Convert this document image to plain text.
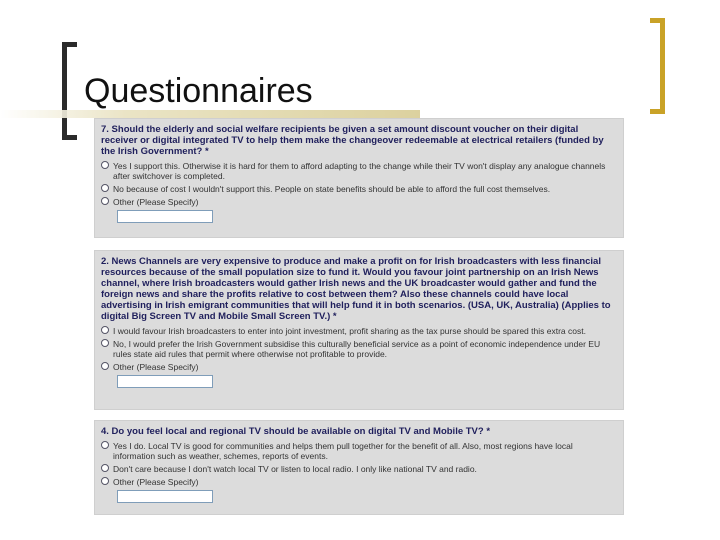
Questionnaires

7. Should the elderly and social welfare recipients be given a set amount discount voucher on their digital receiver or digital integrated TV to help them make the changeover redeemable at electrical retailers (funded by the Irish Government? *

Yes I support this. Otherwise it is hard for them to afford adapting to the change while their TV won't display any analogue channels after switchover is completed.
No because of cost I wouldn't support this. People on state benefits should be able to afford the full cost themselves.
Other (Please Specify)

2. News Channels are very expensive to produce and make a profit on for Irish broadcasters with less financial resources because of the small population size to fund it. Would you favour joint partnership on an Irish News channel, where Irish broadcasters would gather Irish news and the UK broadcaster would gather and fund the foreign news and share the profits relative to cost between them? Also these channels could have local advertising in Irish emigrant communities that will help fund it in both scenarios. (USA, UK, Australia) (Applies to digital Big Screen TV and Mobile Small Screen TV.) *

I would favour Irish broadcasters to enter into joint investment, profit sharing as the tax purse should be spared this extra cost.
No, I would prefer the Irish Government subsidise this culturally beneficial service as a point of economic independence under EU rules state aid rules that permit where otherwise not profitable to provide.
Other (Please Specify)

4. Do you feel local and regional TV should be available on digital TV and Mobile TV? *

Yes I do. Local TV is good for communities and helps them pull together for the benefit of all. Also, most regions have local information such as weather, schemes, reports of events.
Don't care because I don't watch local TV or listen to local radio. I only like national TV and radio.
Other (Please Specify)
